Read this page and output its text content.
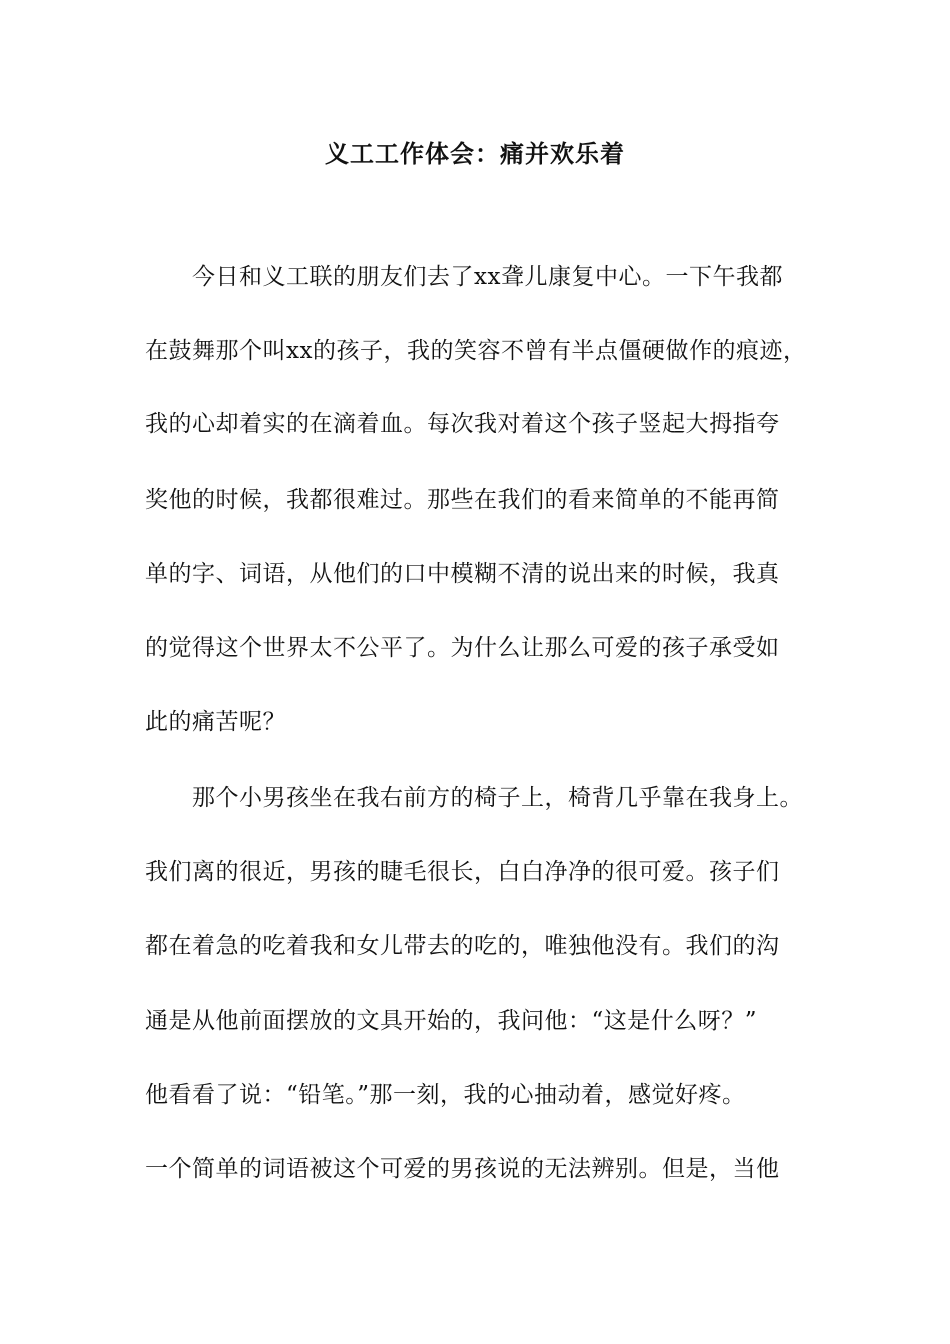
义工工作体会：痛并欢乐着
今日和义工联的朋友们去了xx聋儿康复中心。一下午我都
在鼓舞那个叫xx的孩子，我的笑容不曾有半点僵硬做作的痕迹，
我的心却着实的在滴着血。每次我对着这个孩子竖起大拇指夸
奖他的时候，我都很难过。那些在我们的看来简单的不能再简
单的字、词语，从他们的口中模糊不清的说出来的时候，我真
的觉得这个世界太不公平了。为什么让那么可爱的孩子承受如
此的痛苦呢？
那个小男孩坐在我右前方的椅子上，椅背几乎靠在我身上。
我们离的很近，男孩的睫毛很长，白白净净的很可爱。孩子们
都在着急的吃着我和女儿带去的吃的，唯独他没有。我们的沟
通是从他前面摆放的文具开始的，我问他：“这是什么呀？”
他看看了说：“铅笔。”那一刻，我的心抽动着，感觉好疼。
一个简单的词语被这个可爱的男孩说的无法辨别。但是，当他
